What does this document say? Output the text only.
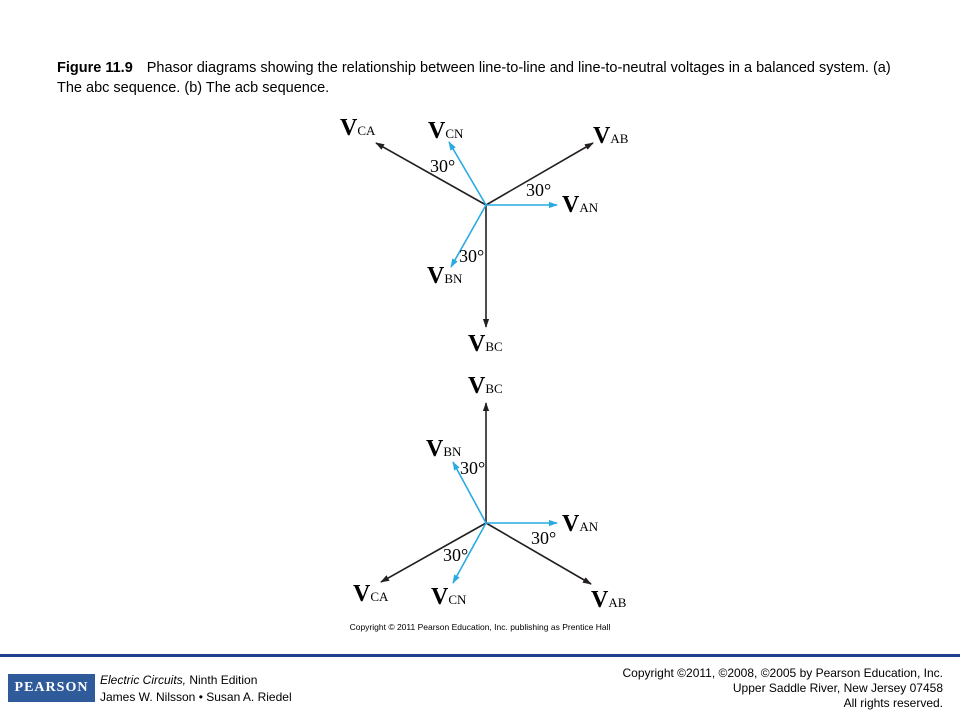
Figure 11.9 Phasor diagrams showing the relationship between line-to-line and line-to-neutral voltages in a balanced system. (a) The abc sequence. (b) The acb sequence.
VCA VCN	VAB
VAN
VBN
VBC
30°
30°
30°
VBC
VBN
VAN
VCA VCN	VAB
30°
30°
30°
Copyright © 2011 Pearson Education, Inc. publishing as Prentice Hall
PEARSON Electric Circuits, Ninth Edition
James W. Nilsson • Susan A. Riedel
Copyright ©2011, ©2008, ©2005 by Pearson Education, Inc.
Upper Saddle River, New Jersey 07458
All rights reserved.
